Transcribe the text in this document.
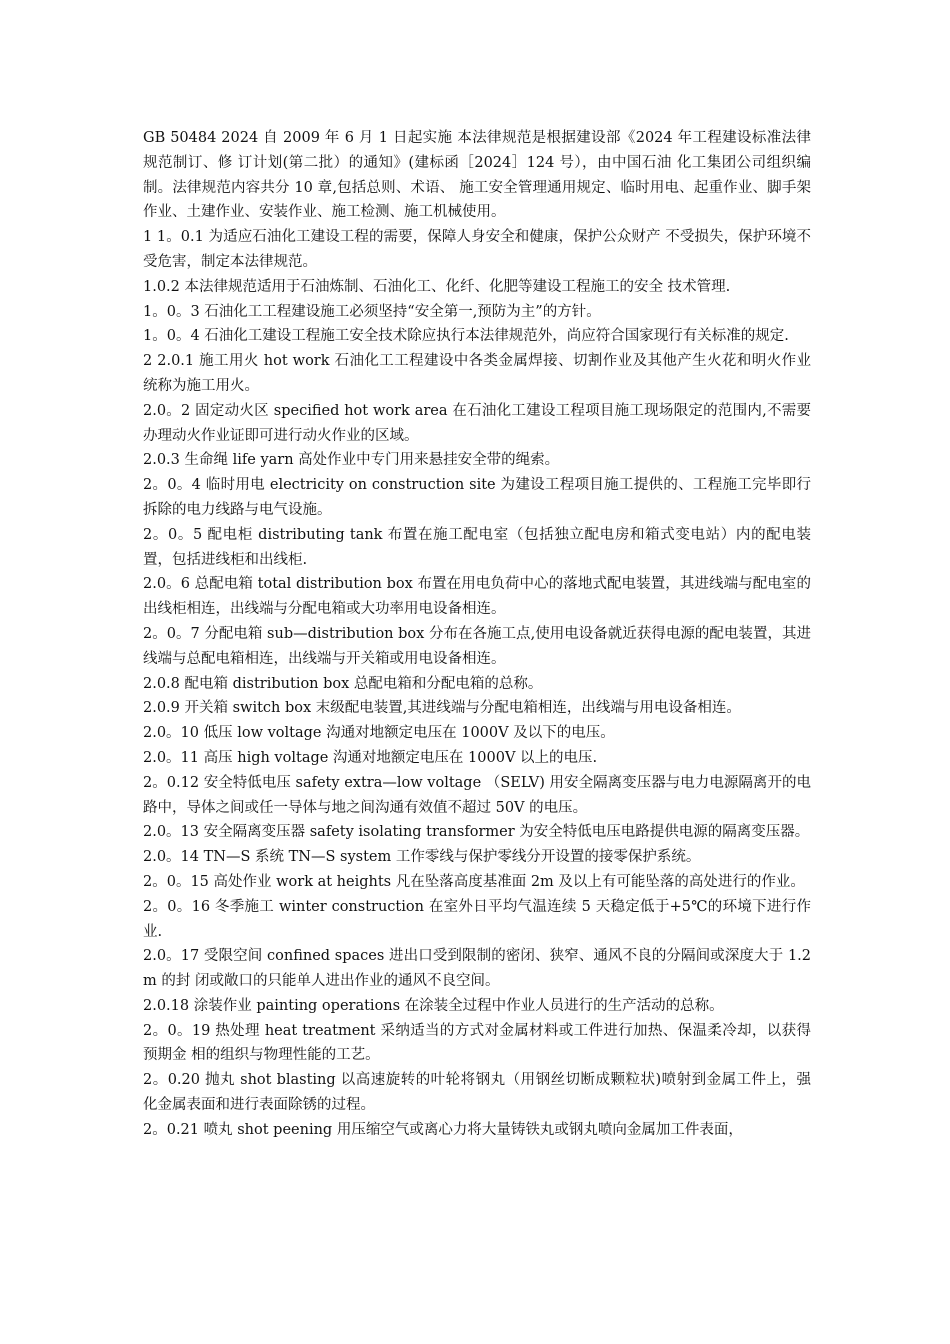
GB 50484 2024 自 2009 年 6 月 1 日起实施 本法律规范是根据建设部《2024 年工程建设标准法律规范制订、修 订计划(第二批）的通知》(建标函［2024］124 号），由中国石油 化工集团公司组织编制。法律规范内容共分 10 章,包括总则、术语、 施工安全管理通用规定、临时用电、起重作业、脚手架作业、土建作业、安装作业、施工检测、施工机械使用。

1 1。0.1 为适应石油化工建设工程的需要，保障人身安全和健康，保护公众财产 不受损失，保护环境不受危害，制定本法律规范。

1.0.2 本法律规范适用于石油炼制、石油化工、化纤、化肥等建设工程施工的安全 技术管理.

1。0。3 石油化工工程建设施工必须坚持“安全第一,预防为主”的方针。

1。0。4 石油化工建设工程施工安全技术除应执行本法律规范外，尚应符合国家现行有关标准的规定.

2 2.0.1 施工用火 hot work 石油化工工程建设中各类金属焊接、切割作业及其他产生火花和明火作业 统称为施工用火。

2.0。2 固定动火区 specified hot work area 在石油化工建设工程项目施工现场限定的范围内,不需要办理动火作业证即可进行动火作业的区域。

2.0.3 生命绳 life yarn 高处作业中专门用来悬挂安全带的绳索。

2。0。4 临时用电 electricity on construction site 为建设工程项目施工提供的、工程施工完毕即行拆除的电力线路与电气设施。

2。0。5 配电柜 distributing tank 布置在施工配电室（包括独立配电房和箱式变电站）内的配电装置，包括进线柜和出线柜.

2.0。6 总配电箱 total distribution box 布置在用电负荷中心的落地式配电装置，其进线端与配电室的出线柜相连，出线端与分配电箱或大功率用电设备相连。

2。0。7 分配电箱 sub—distribution box 分布在各施工点,使用电设备就近获得电源的配电装置，其进线端与总配电箱相连，出线端与开关箱或用电设备相连。

2.0.8 配电箱 distribution box 总配电箱和分配电箱的总称。

2.0.9 开关箱 switch box 末级配电装置,其进线端与分配电箱相连，出线端与用电设备相连。

2.0。10 低压 low voltage 沟通对地额定电压在 1000V 及以下的电压。

2.0。11 高压 high voltage 沟通对地额定电压在 1000V 以上的电压.

2。0.12 安全特低电压 safety extra—low voltage （SELV) 用安全隔离变压器与电力电源隔离开的电路中，导体之间或任一导体与地之间沟通有效值不超过 50V 的电压。

2.0。13 安全隔离变压器 safety isolating transformer 为安全特低电压电路提供电源的隔离变压器。

2.0。14 TN—S 系统 TN—S system 工作零线与保护零线分开设置的接零保护系统。

2。0。15 高处作业 work at heights 凡在坠落高度基准面 2m 及以上有可能坠落的高处进行的作业。

2。0。16 冬季施工 winter construction 在室外日平均气温连续 5 天稳定低于+5℃的环境下进行作业.

2.0。17 受限空间 confined spaces 进出口受到限制的密闭、狭窄、通风不良的分隔间或深度大于 1.2m 的封 闭或敞口的只能单人进出作业的通风不良空间。

2.0.18 涂装作业 painting operations 在涂装全过程中作业人员进行的生产活动的总称。

2。0。19 热处理 heat treatment 采纳适当的方式对金属材料或工件进行加热、保温柔冷却，以获得预期金 相的组织与物理性能的工艺。

2。0.20 抛丸 shot blasting 以高速旋转的叶轮将钢丸（用钢丝切断成颗粒状)喷射到金属工件上，强 化金属表面和进行表面除锈的过程。

2。0.21 喷丸 shot peening 用压缩空气或离心力将大量铸铁丸或钢丸喷向金属加工件表面，
